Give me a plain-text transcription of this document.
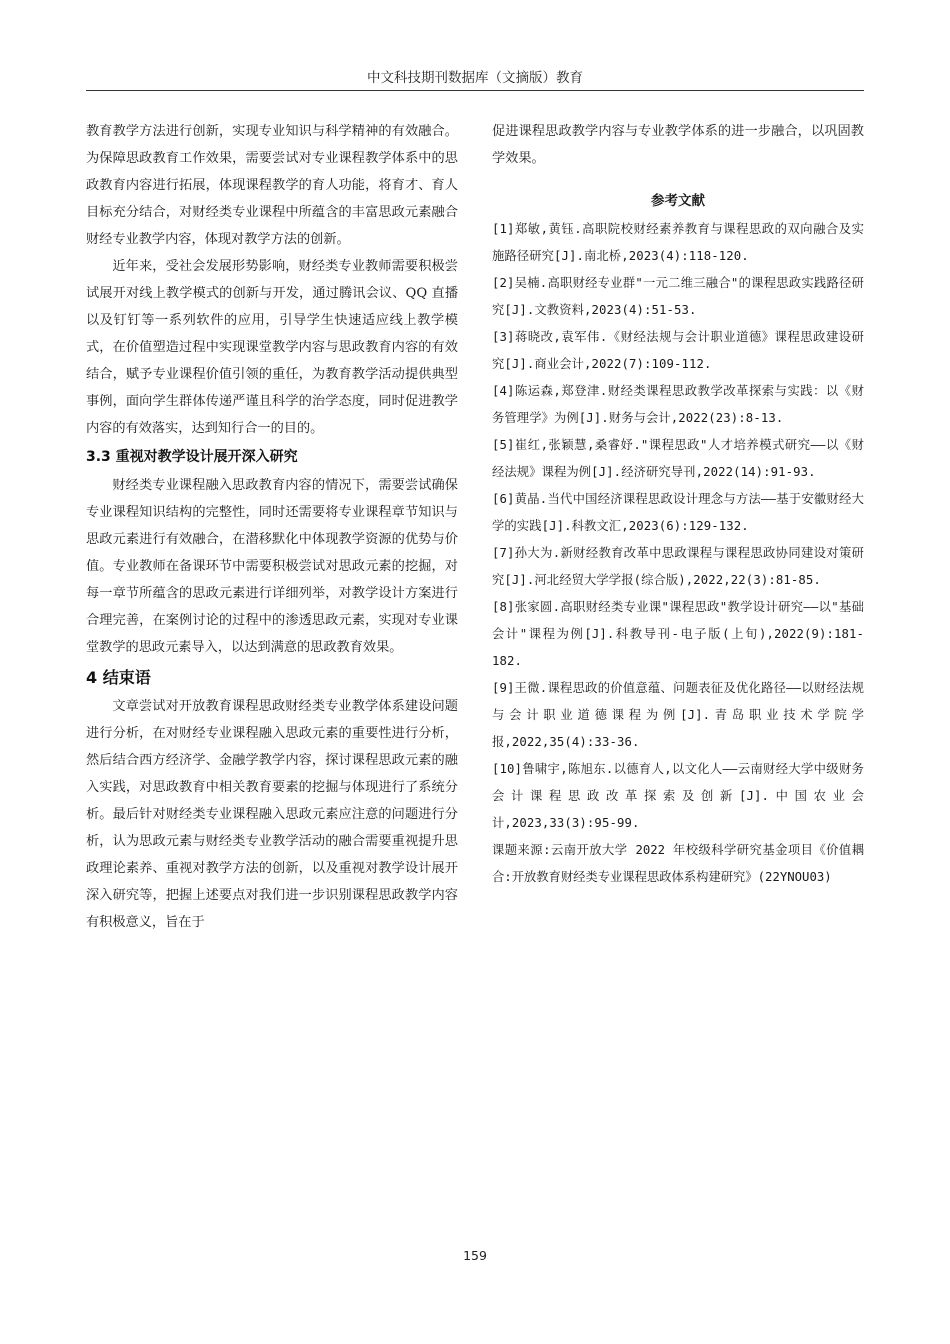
中文科技期刊数据库（文摘版）教育

教育教学方法进行创新，实现专业知识与科学精神的有效融合。为保障思政教育工作效果，需要尝试对专业课程教学体系中的思政教育内容进行拓展，体现课程教学的育人功能，将育才、育人目标充分结合，对财经类专业课程中所蕴含的丰富思政元素融合财经专业教学内容，体现对教学方法的创新。

近年来，受社会发展形势影响，财经类专业教师需要积极尝试展开对线上教学模式的创新与开发，通过腾讯会议、QQ 直播以及钉钉等一系列软件的应用，引导学生快速适应线上教学模式，在价值塑造过程中实现课堂教学内容与思政教育内容的有效结合，赋予专业课程价值引领的重任，为教育教学活动提供典型事例，面向学生群体传递严谨且科学的治学态度，同时促进教学内容的有效落实，达到知行合一的目的。

3.3 重视对教学设计展开深入研究

财经类专业课程融入思政教育内容的情况下，需要尝试确保专业课程知识结构的完整性，同时还需要将专业课程章节知识与思政元素进行有效融合，在潜移默化中体现教学资源的优势与价值。专业教师在备课环节中需要积极尝试对思政元素的挖掘，对每一章节所蕴含的思政元素进行详细列举，对教学设计方案进行合理完善，在案例讨论的过程中的渗透思政元素，实现对专业课堂教学的思政元素导入，以达到满意的思政教育效果。

4 结束语

文章尝试对开放教育课程思政财经类专业教学体系建设问题进行分析，在对财经专业课程融入思政元素的重要性进行分析，然后结合西方经济学、金融学教学内容，探讨课程思政元素的融入实践，对思政教育中相关教育要素的挖掘与体现进行了系统分析。最后针对财经类专业课程融入思政元素应注意的问题进行分析，认为思政元素与财经类专业教学活动的融合需要重视提升思政理论素养、重视对教学方法的创新，以及重视对教学设计展开深入研究等，把握上述要点对我们进一步识别课程思政教学内容有积极意义，旨在于

促进课程思政教学内容与专业教学体系的进一步融合，以巩固教学效果。

参考文献

[1]郑敏,黄钰.高职院校财经素养教育与课程思政的双向融合及实施路径研究[J].南北桥,2023(4):118-120.

[2]吴楠.高职财经专业群"一元二维三融合"的课程思政实践路径研究[J].文教资料,2023(4):51-53.

[3]蒋晓改,袁军伟.《财经法规与会计职业道德》课程思政建设研究[J].商业会计,2022(7):109-112.

[4]陈运森,郑登津.财经类课程思政教学改革探索与实践：以《财务管理学》为例[J].财务与会计,2022(23):8-13.

[5]崔红,张颖慧,桑睿妤."课程思政"人才培养模式研究——以《财经法规》课程为例[J].经济研究导刊,2022(14):91-93.

[6]黄晶.当代中国经济课程思政设计理念与方法——基于安徽财经大学的实践[J].科教文汇,2023(6):129-132.

[7]孙大为.新财经教育改革中思政课程与课程思政协同建设对策研究[J].河北经贸大学学报(综合版),2022,22(3):81-85.

[8]张家圆.高职财经类专业课"课程思政"教学设计研究——以"基础会计"课程为例[J].科教导刊-电子版(上旬),2022(9):181-182.

[9]王微.课程思政的价值意蕴、问题表征及优化路径——以财经法规与会计职业道德课程为例[J].青岛职业技术学院学报,2022,35(4):33-36.

[10]鲁啸宇,陈旭东.以德育人,以文化人——云南财经大学中级财务会计课程思政改革探索及创新[J].中国农业会计,2023,33(3):95-99.

课题来源:云南开放大学 2022 年校级科学研究基金项目《价值耦合:开放教育财经类专业课程思政体系构建研究》(22YNOU03)

159
